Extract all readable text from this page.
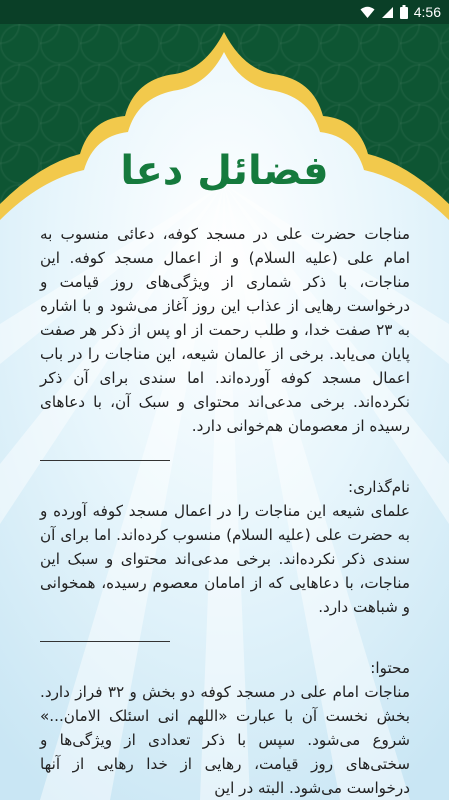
4:56
فضائل دعا

مناجات حضرت علی در مسجد کوفه، دعائی منسوب به امام علی (علیه السلام) و از اعمال مسجد کوفه. این مناجات، با ذکر شماری از ویژگی‌های روز قیامت و درخواست رهایی از عذاب این روز آغاز می‌شود و با اشاره به ۲۳ صفت خدا، و طلب رحمت از او پس از ذکر هر صفت پایان می‌یابد. برخی از عالمان شیعه، این مناجات را در باب اعمال مسجد کوفه آورده‌اند. اما سندی برای آن ذکر نکرده‌اند. برخی مدعی‌اند محتوای و سبک آن، با دعاهای رسیده از معصومان هم‌خوانی دارد.

نام‌گذاری:

علمای شیعه این مناجات را در اعمال مسجد کوفه آورده و به حضرت علی (علیه السلام) منسوب کرده‌اند. اما برای آن سندی ذکر نکرده‌اند. برخی مدعی‌اند محتوای و سبک این مناجات، با دعاهایی که از امامان معصوم رسیده، همخوانی و شباهت دارد.

محتوا:

مناجات امام علی در مسجد کوفه دو بخش و ۳۲ فراز دارد. بخش نخست آن با عبارت «اللهم انی اسئلک الامان...» شروع می‌شود. سپس با ذکر تعدادی از ویژگی‌ها و سختی‌های روز قیامت، رهایی از خدا رهایی از آنها درخواست می‌شود. البته در این
